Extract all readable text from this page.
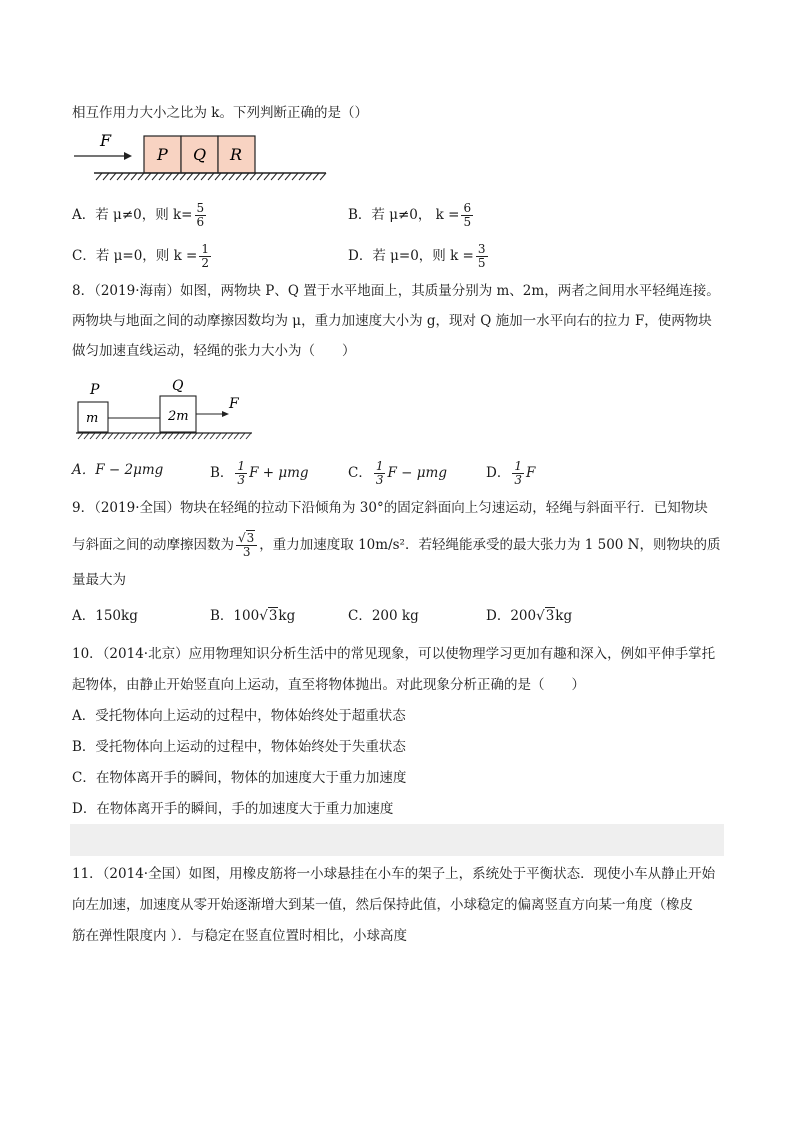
相互作用力大小之比为 k。下列判断正确的是（）
F
P Q R
A．若 μ≠0，则 $k= \frac{5}{6}$	B．若 μ≠0， $k = \frac{6}{5}$
C．若 μ=0，则 $k = \frac{1}{2}$	D．若 μ=0，则 $k = \frac{3}{5}$
8．（2019·海南）如图，两物块 P、Q 置于水平地面上，其质量分别为 m、2m，两者之间用水平轻绳连接。
两物块与地面之间的动摩擦因数均为 μ，重力加速度大小为 g，现对 Q 施加一水平向右的拉力 F，使两物块
做匀加速直线运动，轻绳的张力大小为（　　）
P	Q
m	2m
F
A．F − 2μmg	B． $\frac{1}{3}$ F + μmg	C． $\frac{1}{3}$ F − μmg	D． $\frac{1}{3}$ F
9．（2019·全国）物块在轻绳的拉动下沿倾角为 30°的固定斜面向上匀速运动，轻绳与斜面平行．已知物块
与斜面之间的动摩擦因数为 $\frac{√3}{3}$ ，重力加速度取 10m/s²．若轻绳能承受的最大张力为 1 500 N，则物块的质
量最大为
A．150kg	B．100√3kg	C．200 kg	D．200√3kg
10．（2014·北京）应用物理知识分析生活中的常见现象，可以使物理学习更加有趣和深入，例如平伸手掌托
起物体，由静止开始竖直向上运动，直至将物体抛出。对此现象分析正确的是（　　）
A．受托物体向上运动的过程中，物体始终处于超重状态
B．受托物体向上运动的过程中，物体始终处于失重状态
C．在物体离开手的瞬间，物体的加速度大于重力加速度
D．在物体离开手的瞬间，手的加速度大于重力加速度
11．（2014·全国）如图，用橡皮筋将一小球悬挂在小车的架子上，系统处于平衡状态．现使小车从静止开始
向左加速，加速度从零开始逐渐增大到某一值，然后保持此值，小球稳定的偏离竖直方向某一角度（橡皮
筋在弹性限度内 ）．与稳定在竖直位置时相比，小球高度
